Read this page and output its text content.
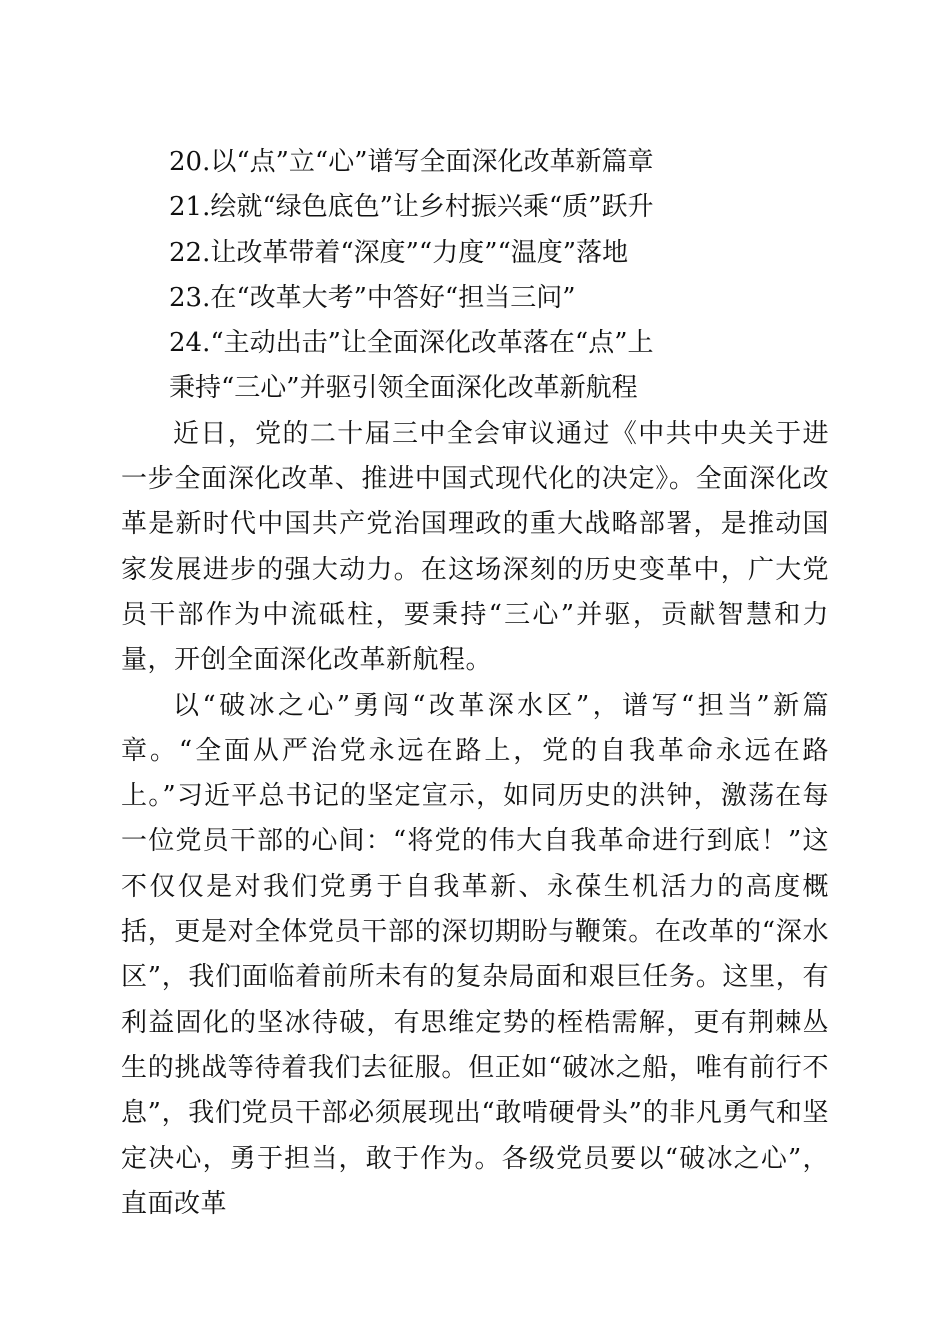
20.以“点”立“心”谱写全面深化改革新篇章

21.绘就“绿色底色”让乡村振兴乘“质”跃升

22.让改革带着“深度”“力度”“温度”落地

23.在“改革大考”中答好“担当三问”

24.“主动出击”让全面深化改革落在“点”上

秉持“三心”并驱引领全面深化改革新航程

近日，党的二十届三中全会审议通过《中共中央关于进一步全面深化改革、推进中国式现代化的决定》。全面深化改革是新时代中国共产党治国理政的重大战略部署，是推动国家发展进步的强大动力。在这场深刻的历史变革中，广大党员干部作为中流砥柱，要秉持“三心”并驱，贡献智慧和力量，开创全面深化改革新航程。

以“破冰之心”勇闯“改革深水区”，谱写“担当”新篇章。“全面从严治党永远在路上，党的自我革命永远在路上。”习近平总书记的坚定宣示，如同历史的洪钟，激荡在每一位党员干部的心间：“将党的伟大自我革命进行到底！”这不仅仅是对我们党勇于自我革新、永葆生机活力的高度概括，更是对全体党员干部的深切期盼与鞭策。在改革的“深水区”，我们面临着前所未有的复杂局面和艰巨任务。这里，有利益固化的坚冰待破，有思维定势的桎梏需解，更有荆棘丛生的挑战等待着我们去征服。但正如“破冰之船，唯有前行不息”，我们党员干部必须展现出“敢啃硬骨头”的非凡勇气和坚定决心，勇于担当，敢于作为。各级党员要以“破冰之心”，直面改革
